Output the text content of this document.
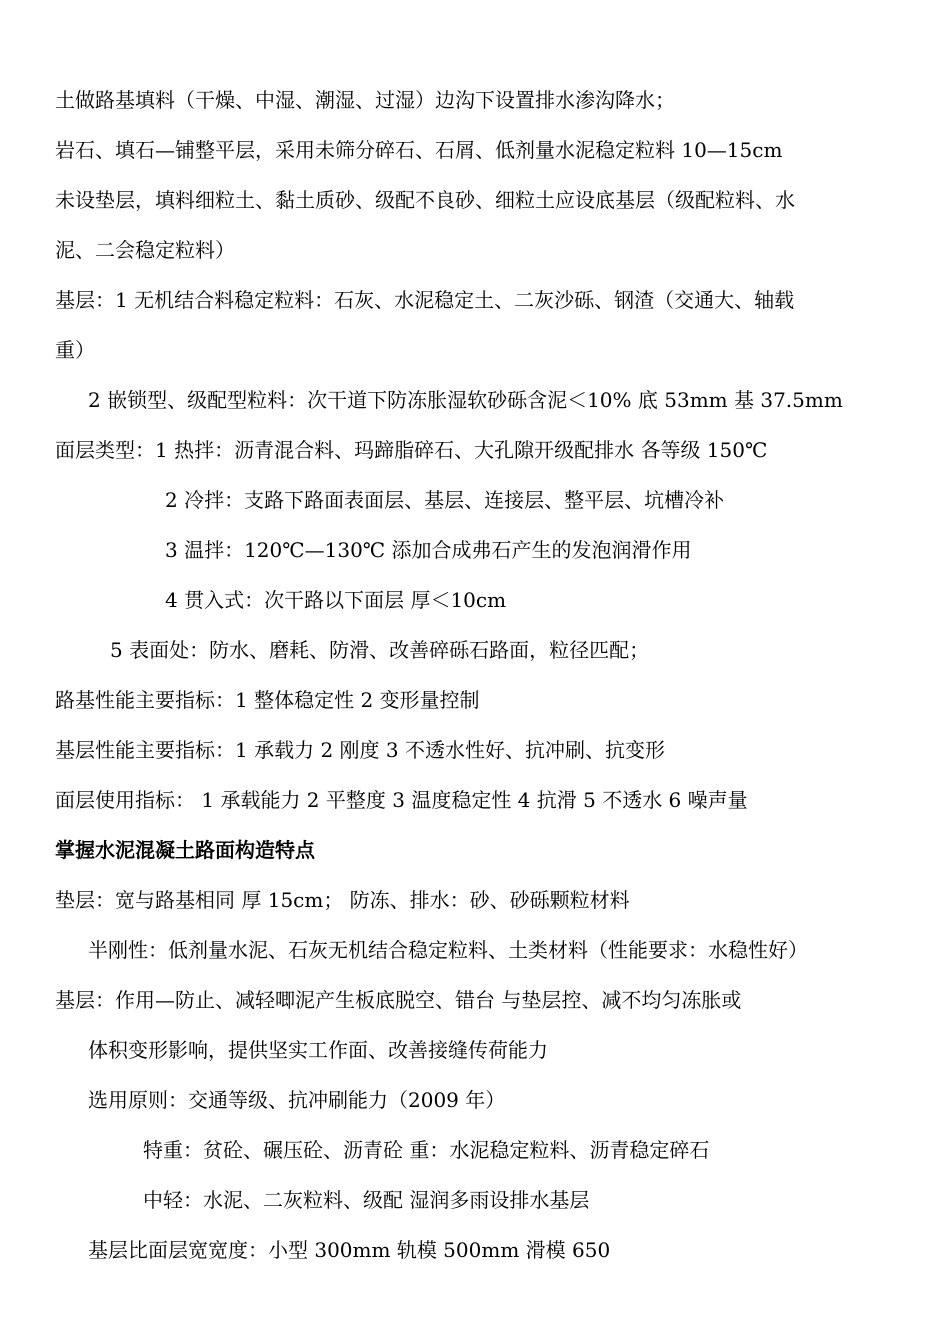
土做路基填料（干燥、中湿、潮湿、过湿）边沟下设置排水渗沟降水；
岩石、填石—铺整平层，采用未筛分碎石、石屑、低剂量水泥稳定粒料 10—15cm
未设垫层，填料细粒土、黏土质砂、级配不良砂、细粒土应设底基层（级配粒料、水
泥、二会稳定粒料）
基层：1 无机结合料稳定粒料：石灰、水泥稳定土、二灰沙砾、钢渣（交通大、轴载
重）
2 嵌锁型、级配型粒料：次干道下防冻胀湿软砂砾含泥＜10% 底 53mm 基 37.5mm
面层类型：1 热拌：沥青混合料、玛蹄脂碎石、大孔隙开级配排水 各等级 150℃
2 冷拌：支路下路面表面层、基层、连接层、整平层、坑槽冷补
3 温拌：120℃—130℃ 添加合成弗石产生的发泡润滑作用
4 贯入式：次干路以下面层 厚＜10cm
5 表面处：防水、磨耗、防滑、改善碎砾石路面，粒径匹配；
路基性能主要指标：1 整体稳定性 2 变形量控制
基层性能主要指标：1 承载力 2 刚度 3 不透水性好、抗冲刷、抗变形
面层使用指标： 1 承载能力 2 平整度 3 温度稳定性 4 抗滑 5 不透水 6 噪声量
掌握水泥混凝土路面构造特点
垫层：宽与路基相同 厚 15cm； 防冻、排水：砂、砂砾颗粒材料
半刚性：低剂量水泥、石灰无机结合稳定粒料、土类材料（性能要求：水稳性好）
基层：作用—防止、减轻唧泥产生板底脱空、错台 与垫层控、减不均匀冻胀或
体积变形影响，提供坚实工作面、改善接缝传荷能力
选用原则：交通等级、抗冲刷能力（2009 年）
特重：贫砼、碾压砼、沥青砼 重：水泥稳定粒料、沥青稳定碎石
中轻：水泥、二灰粒料、级配 湿润多雨设排水基层
基层比面层宽宽度：小型 300mm 轨模 500mm 滑模 650
